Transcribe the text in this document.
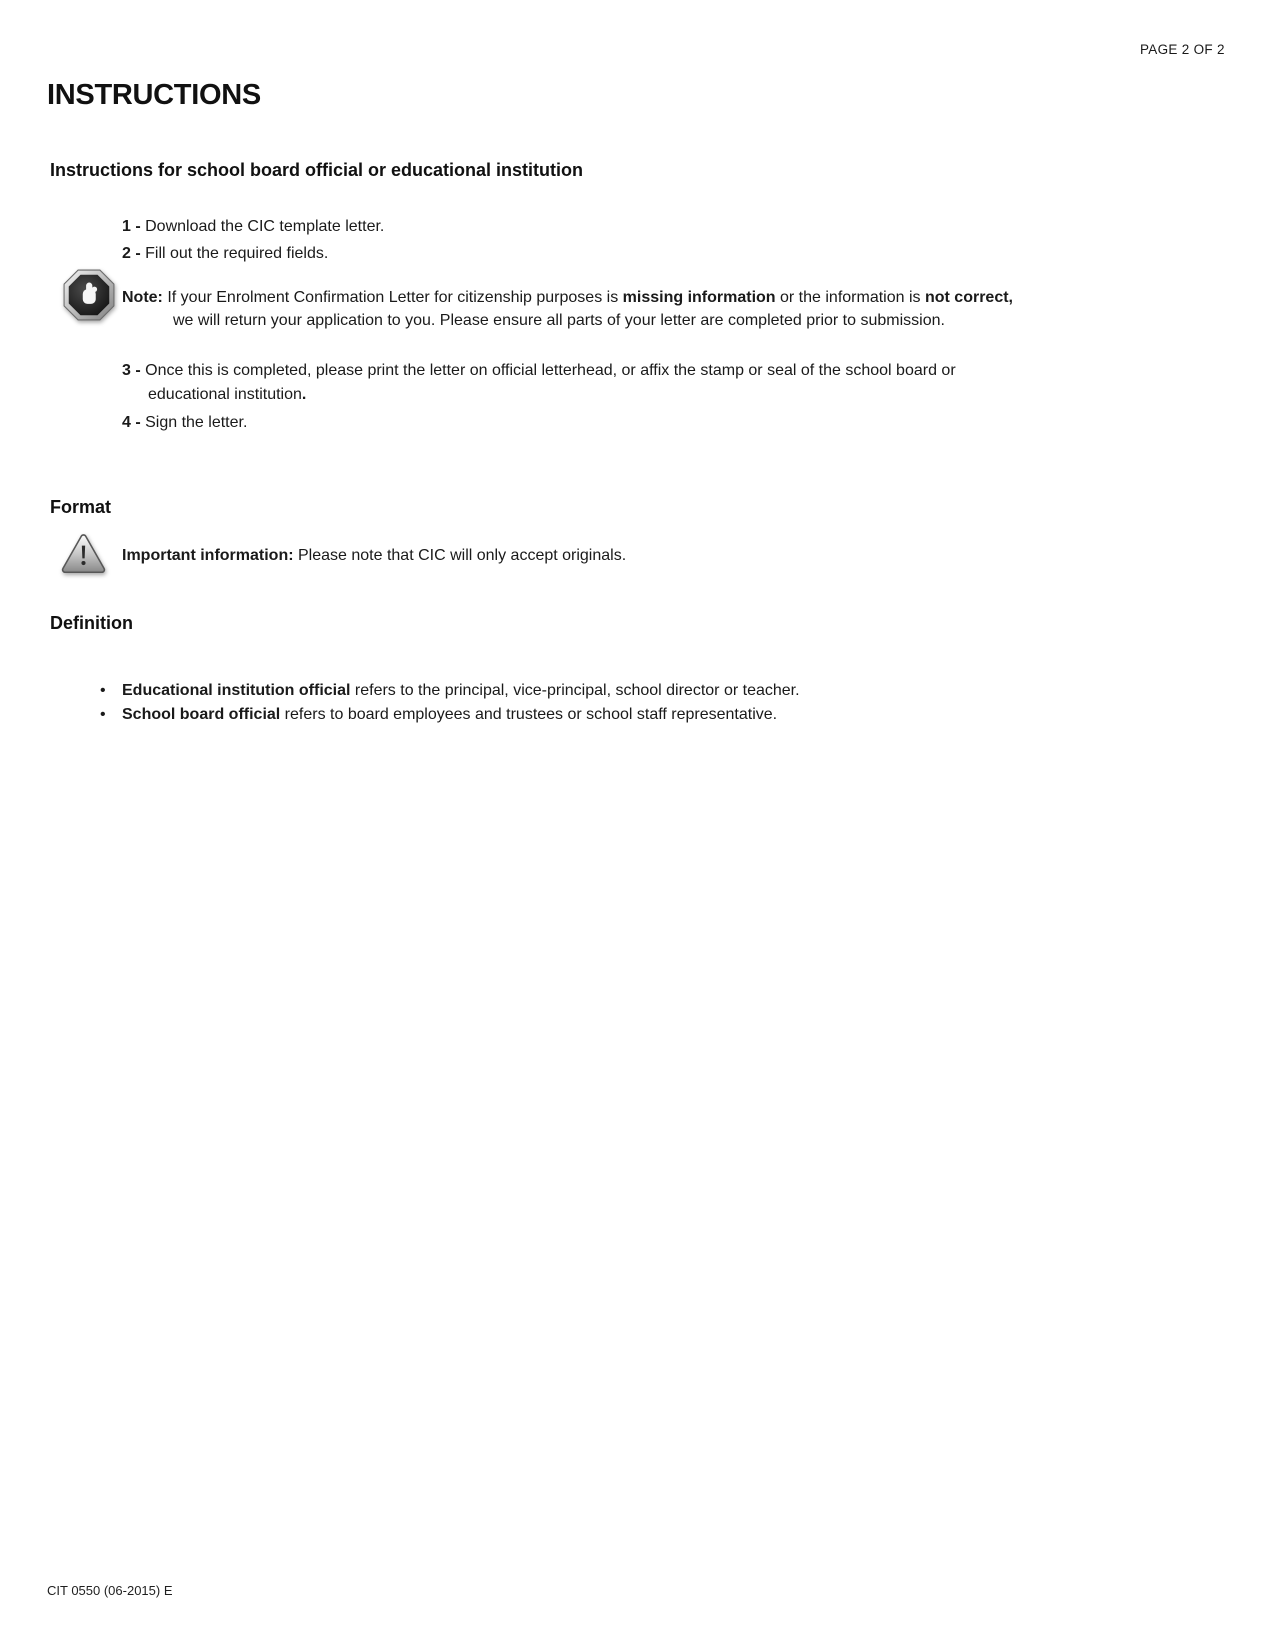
PAGE 2 OF 2
INSTRUCTIONS
Instructions for school board official or educational institution
1 - Download the CIC template letter.
2 - Fill out the required fields.
Note: If your Enrolment Confirmation Letter for citizenship purposes is missing information or the information is not correct,
we will return your application to you. Please ensure all parts of your letter are completed prior to submission.
3 - Once this is completed, please print the letter on official letterhead, or affix the stamp or seal of the school board or
educational institution.
4 - Sign the letter.
Format
Important information: Please note that CIC will only accept originals.
Definition
•	Educational institution official refers to the principal, vice-principal, school director or teacher.
•	School board official refers to board employees and trustees or school staff representative.
CIT 0550 (06-2015) E
